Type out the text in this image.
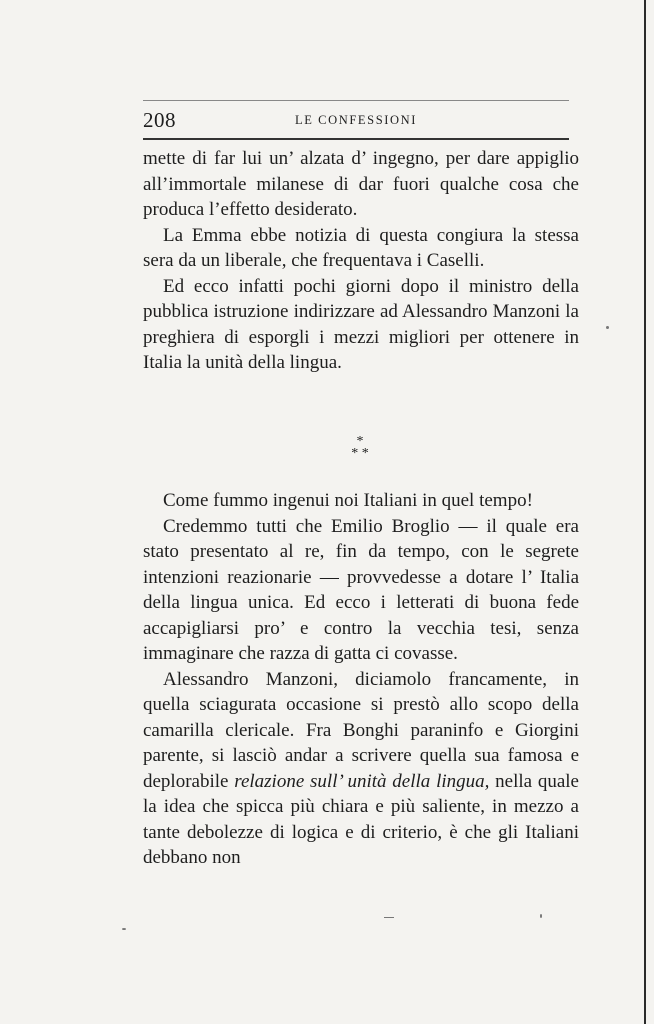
208	LE CONFESSIONI

mette di far lui un’ alzata d’ ingegno, per dare appiglio all’immortale milanese di dar fuori qualche cosa che produca l’effetto desiderato.

La Emma ebbe notizia di questa congiura la stessa sera da un liberale, che frequentava i Caselli.

Ed ecco infatti pochi giorni dopo il ministro della pubblica istruzione indirizzare ad Alessandro Manzoni la preghiera di esporgli i mezzi migliori per ottenere in Italia la unità della lingua.

*
* *

Come fummo ingenui noi Italiani in quel tempo!

Credemmo tutti che Emilio Broglio — il quale era stato presentato al re, fin da tempo, con le segrete intenzioni reazionarie — provvedesse a dotare l’ Italia della lingua unica. Ed ecco i letterati di buona fede accapigliarsi pro’ e contro la vecchia tesi, senza immaginare che razza di gatta ci covasse.

Alessandro Manzoni, diciamolo francamente, in quella sciagurata occasione si prestò allo scopo della camarilla clericale. Fra Bonghi paraninfo e Giorgini parente, si lasciò andar a scrivere quella sua famosa e deplorabile relazione sull’ unità della lingua, nella quale la idea che spicca più chiara e più saliente, in mezzo a tante debolezze di logica e di criterio, è che gli Italiani debbano non
